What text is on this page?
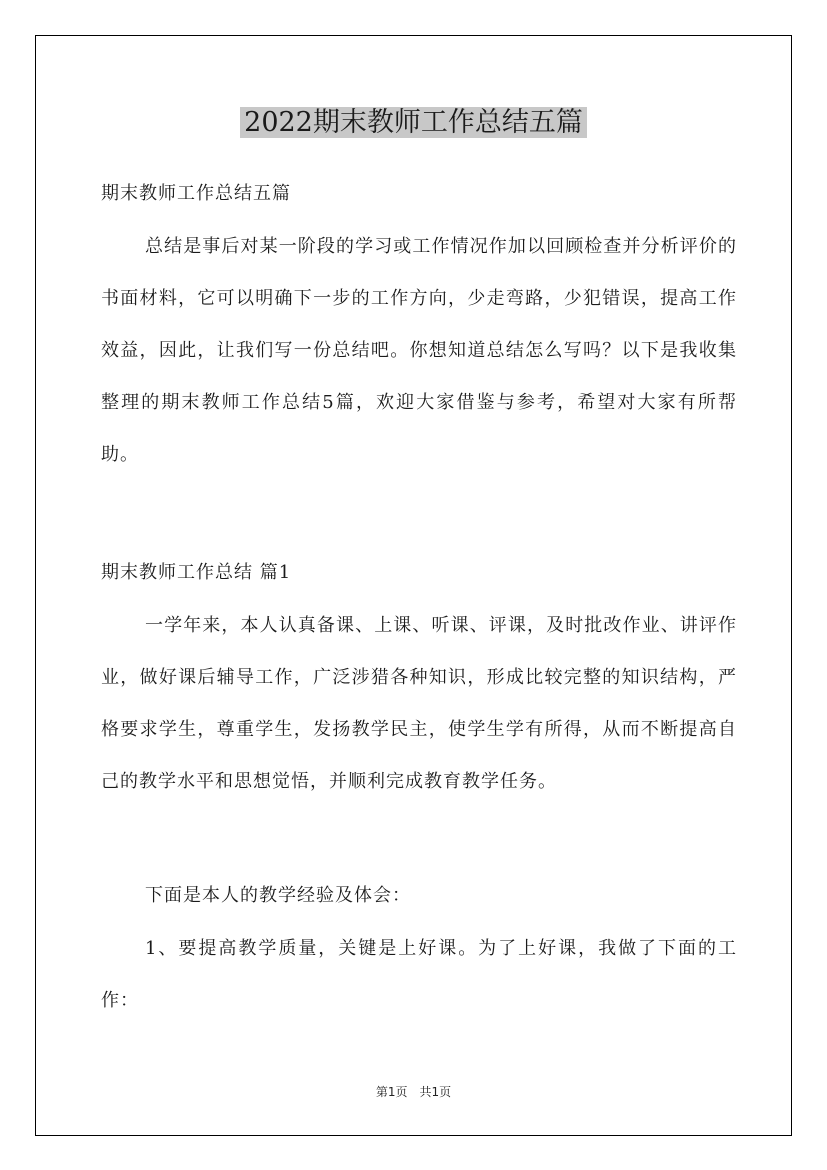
2022期末教师工作总结五篇

期末教师工作总结五篇

总结是事后对某一阶段的学习或工作情况作加以回顾检查并分析评价的书面材料，它可以明确下一步的工作方向，少走弯路，少犯错误，提高工作效益，因此，让我们写一份总结吧。你想知道总结怎么写吗？以下是我收集整理的期末教师工作总结5篇，欢迎大家借鉴与参考，希望对大家有所帮助。

期末教师工作总结 篇1

一学年来，本人认真备课、上课、听课、评课，及时批改作业、讲评作业，做好课后辅导工作，广泛涉猎各种知识，形成比较完整的知识结构，严格要求学生，尊重学生，发扬教学民主，使学生学有所得，从而不断提高自己的教学水平和思想觉悟，并顺利完成教育教学任务。

下面是本人的教学经验及体会：

1、要提高教学质量，关键是上好课。为了上好课，我做了下面的工作：

第1页 共1页
